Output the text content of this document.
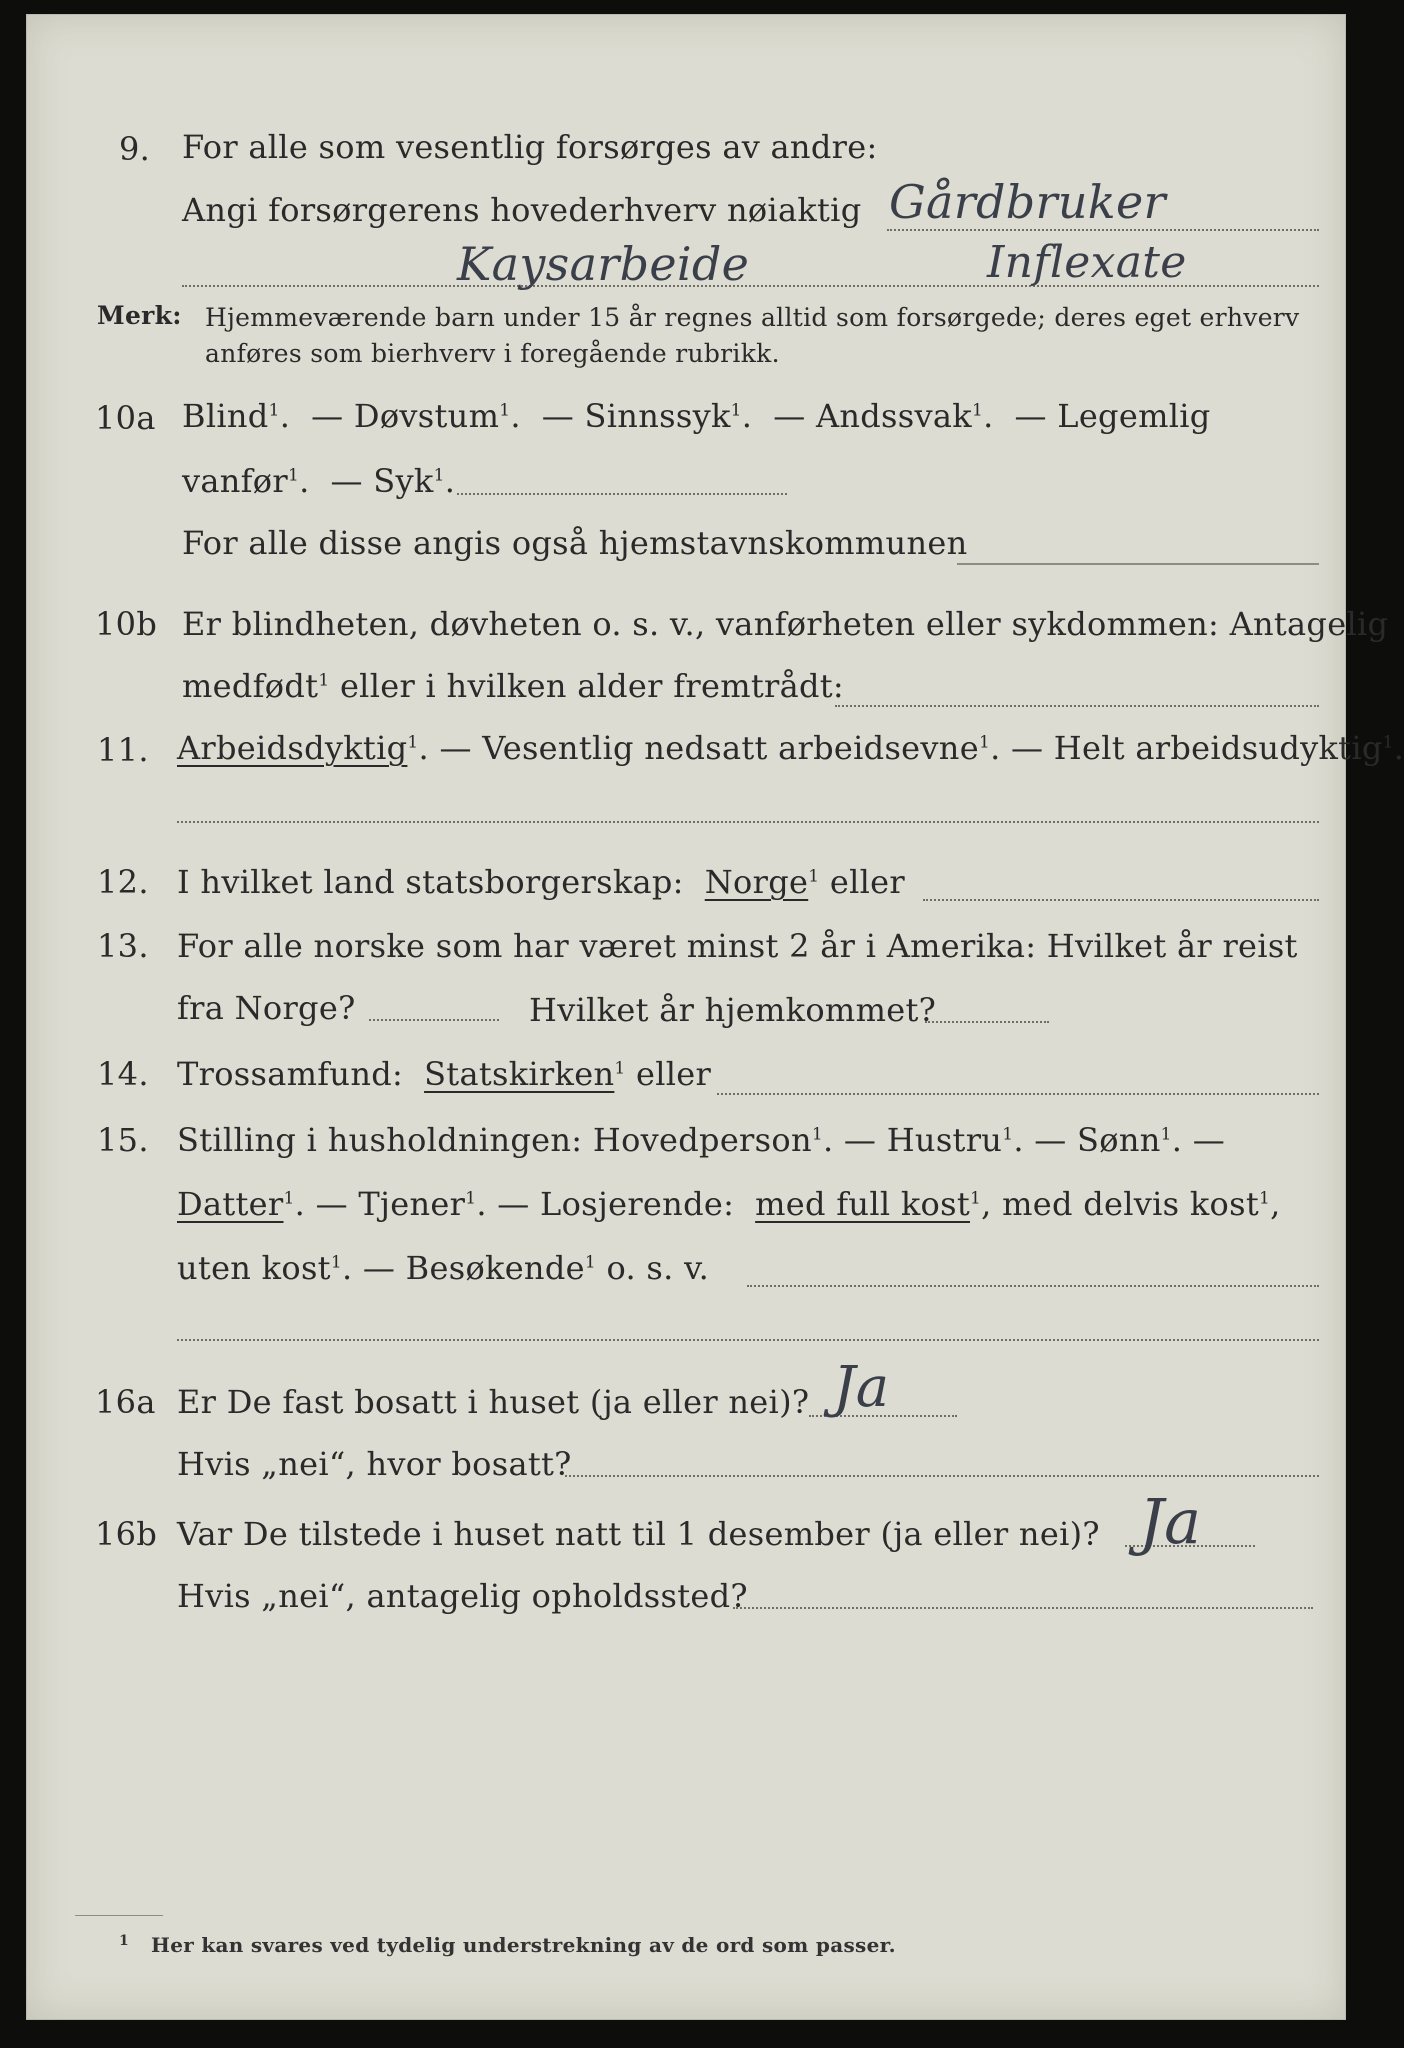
9. For alle som vesentlig forsørges av andre:
Angi forsørgerens hovederhverv nøiaktig Gårdbruker
Kaysarbeide	Inflexate
Merk: Hjemmeværende barn under 15 år regnes alltid som forsørgede; deres eget erhverv
anføres som bierhverv i foregående rubrikk.
10a Blind$^1$.  — Døvstum$^1$.  — Sinnssyk$^1$.  — Andssvak$^1$.  — Legemlig
vanfør$^1$.  — Syk$^1$.
For alle disse angis også hjemstavnskommunen
10b Er blindheten, døvheten o. s. v., vanførheten eller sykdommen: Antagelig
medfødt$^1$ eller i hvilken alder fremtrådt:
11. Arbeidsdyktig$^1$. — Vesentlig nedsatt arbeidsevne$^1$. — Helt arbeidsudyktig$^1$.
12. I hvilket land statsborgerskap: Norge$^1$ eller
13. For alle norske som har været minst 2 år i Amerika: Hvilket år reist
fra Norge?	Hvilket år hjemkommet?
14. Trossamfund: Statskirken$^1$ eller
15. Stilling i husholdningen: Hovedperson$^1$. — Hustru$^1$. — Sønn$^1$. —
Datter$^1$. — Tjener$^1$. — Losjerende: med full kost$^1$, med delvis kost$^1$,
uten kost$^1$. — Besøkende$^1$ o. s. v.
16a Er De fast bosatt i huset (ja eller nei)? Ja
Hvis „nei“, hvor bosatt?
16b Var De tilstede i huset natt til 1 desember (ja eller nei)? Ja
Hvis „nei“, antagelig opholdssted?
1 Her kan svares ved tydelig understrekning av de ord som passer.
